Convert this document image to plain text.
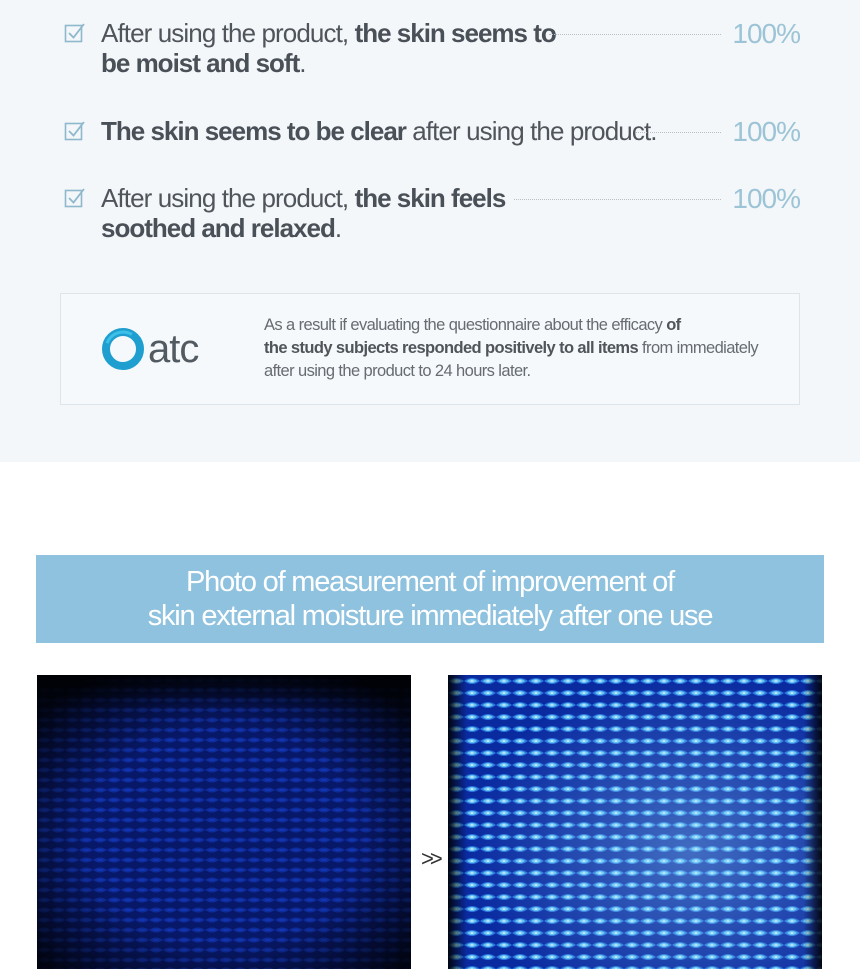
After using the product, the skin seems to
be moist and soft.
100%
The skin seems to be clear after using the product.	100%
After using the product, the skin feels
soothed and relaxed.
100%
atc
As a result if evaluating the questionnaire about the efficacy of
the study subjects responded positively to all items from immediately
after using the product to 24 hours later.
Photo of measurement of improvement of
skin external moisture immediately after one use
>>
